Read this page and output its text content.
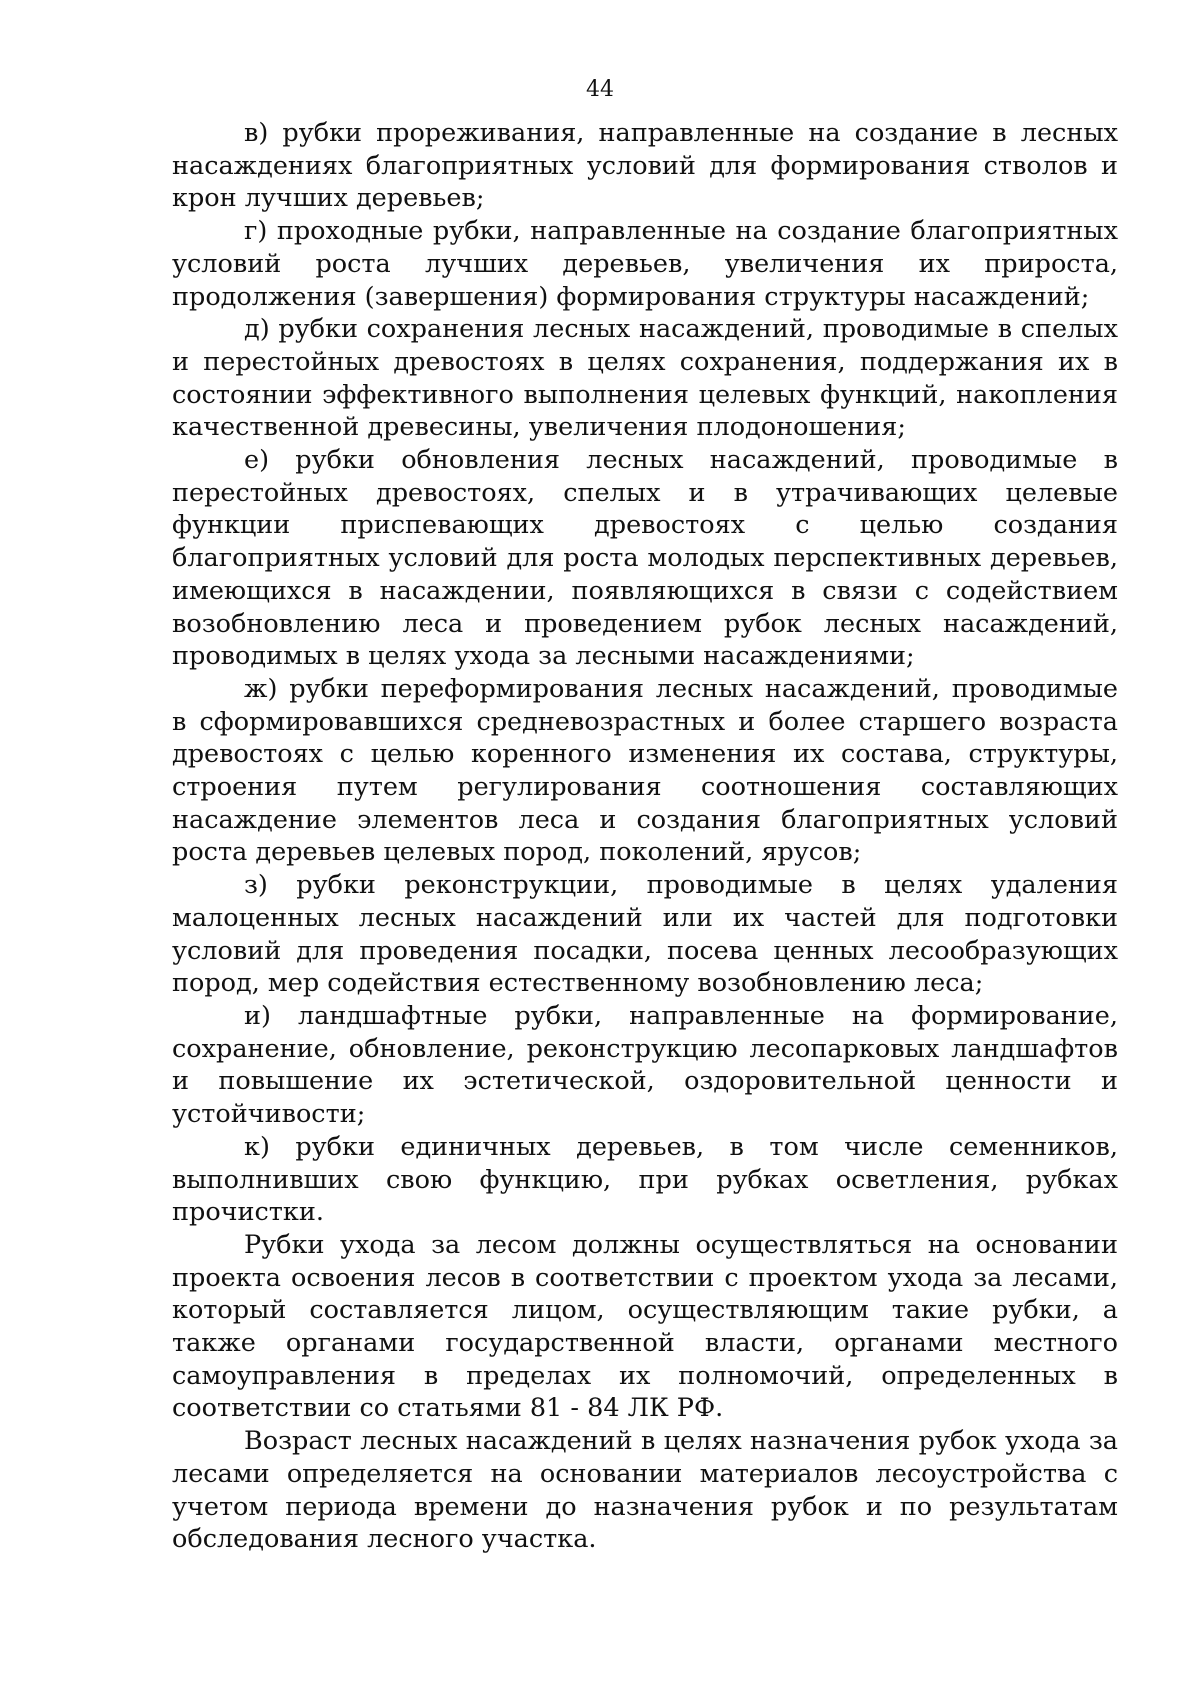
44

в) рубки прореживания, направленные на создание в лесных насаждениях благоприятных условий для формирования стволов и крон лучших деревьев;

г) проходные рубки, направленные на создание благоприятных условий роста лучших деревьев, увеличения их прироста, продолжения (завершения) формирования структуры насаждений;

д) рубки сохранения лесных насаждений, проводимые в спелых и перестойных древостоях в целях сохранения, поддержания их в состоянии эффективного выполнения целевых функций, накопления качественной древесины, увеличения плодоношения;

е) рубки обновления лесных насаждений, проводимые в перестойных древостоях, спелых и в утрачивающих целевые функции приспевающих древостоях с целью создания благоприятных условий для роста молодых перспективных деревьев, имеющихся в насаждении, появляющихся в связи с содействием возобновлению леса и проведением рубок лесных насаждений, проводимых в целях ухода за лесными насаждениями;

ж) рубки переформирования лесных насаждений, проводимые в сформировавшихся средневозрастных и более старшего возраста древостоях с целью коренного изменения их состава, структуры, строения путем регулирования соотношения составляющих насаждение элементов леса и создания благоприятных условий роста деревьев целевых пород, поколений, ярусов;

з) рубки реконструкции, проводимые в целях удаления малоценных лесных насаждений или их частей для подготовки условий для проведения посадки, посева ценных лесообразующих пород, мер содействия естественному возобновлению леса;

и) ландшафтные рубки, направленные на формирование, сохранение, обновление, реконструкцию лесопарковых ландшафтов и повышение их эстетической, оздоровительной ценности и устойчивости;

к) рубки единичных деревьев, в том числе семенников, выполнивших свою функцию, при рубках осветления, рубках прочистки.

Рубки ухода за лесом должны осуществляться на основании проекта освоения лесов в соответствии с проектом ухода за лесами, который составляется лицом, осуществляющим такие рубки, а также органами государственной власти, органами местного самоуправления в пределах их полномочий, определенных в соответствии со статьями 81 - 84 ЛК РФ.

Возраст лесных насаждений в целях назначения рубок ухода за лесами определяется на основании материалов лесоустройства с учетом периода времени до назначения рубок и по результатам обследования лесного участка.
